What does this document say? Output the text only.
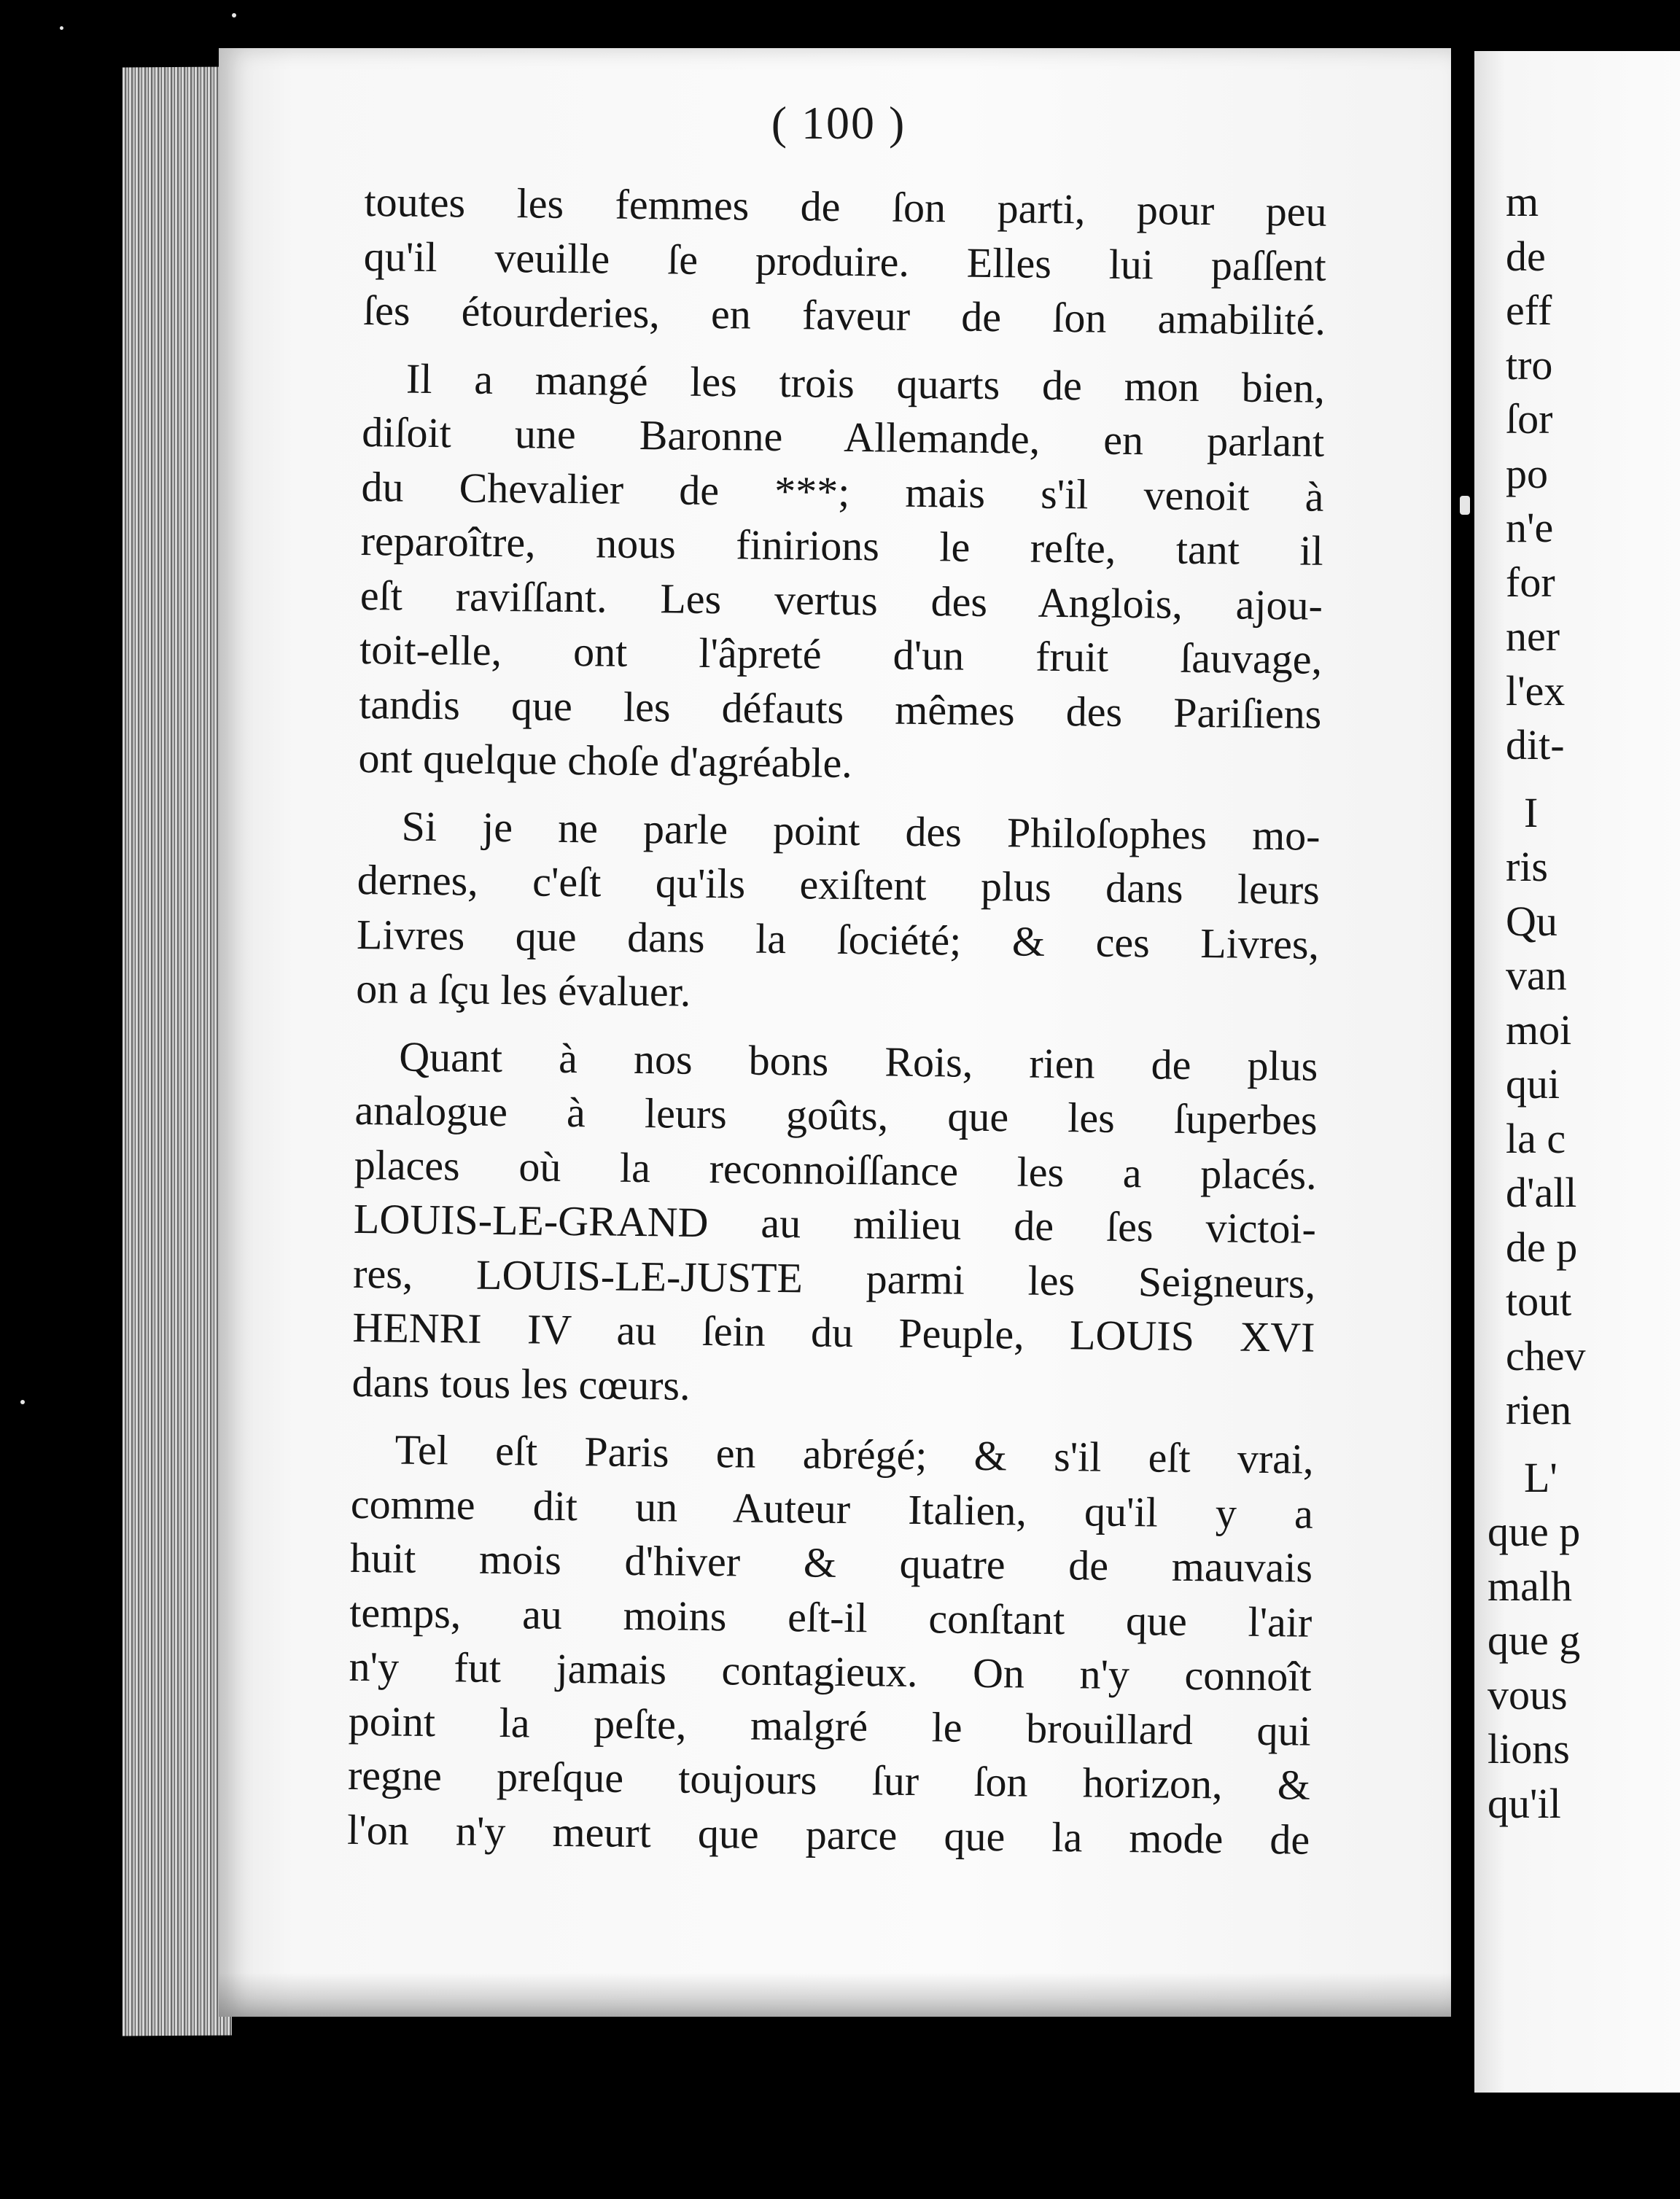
( 100 )
toutes les femmes de ſon parti, pour peu
qu'il veuille ſe produire. Elles lui paſſent
ſes étourderies, en faveur de ſon amabilité.
Il a mangé les trois quarts de mon bien,
diſoit une Baronne Allemande, en parlant
du Chevalier de ***; mais s'il venoit à
reparoître, nous finirions le reſte, tant il
eſt raviſſant. Les vertus des Anglois, ajou-
toit-elle, ont l'âpreté d'un fruit ſauvage,
tandis que les défauts mêmes des Pariſiens
ont quelque choſe d'agréable.
Si je ne parle point des Philoſophes mo-
dernes, c'eſt qu'ils exiſtent plus dans leurs
Livres que dans la ſociété; & ces Livres,
on a ſçu les évaluer.
Quant à nos bons Rois, rien de plus
analogue à leurs goûts, que les ſuperbes
places où la reconnoiſſance les a placés.
LOUIS-LE-GRAND au milieu de ſes victoi-
res, LOUIS-LE-JUSTE parmi les Seigneurs,
HENRI IV au ſein du Peuple, LOUIS XVI
dans tous les cœurs.
Tel eſt Paris en abrégé; & s'il eſt vrai,
comme dit un Auteur Italien, qu'il y a
huit mois d'hiver & quatre de mauvais
temps, au moins eſt-il conſtant que l'air
n'y fut jamais contagieux. On n'y connoît
point la peſte, malgré le brouillard qui
regne preſque toujours ſur ſon horizon, &
l'on n'y meurt que parce que la mode de
m
de
eff
tro
ſor
po
n'e
for
ner
l'ex
dit-
I
ris
Qu
van
moi
qui
la c
d'all
de p
tout
chev
rien
L'
que p
malh
que g
vous
lions
qu'il
